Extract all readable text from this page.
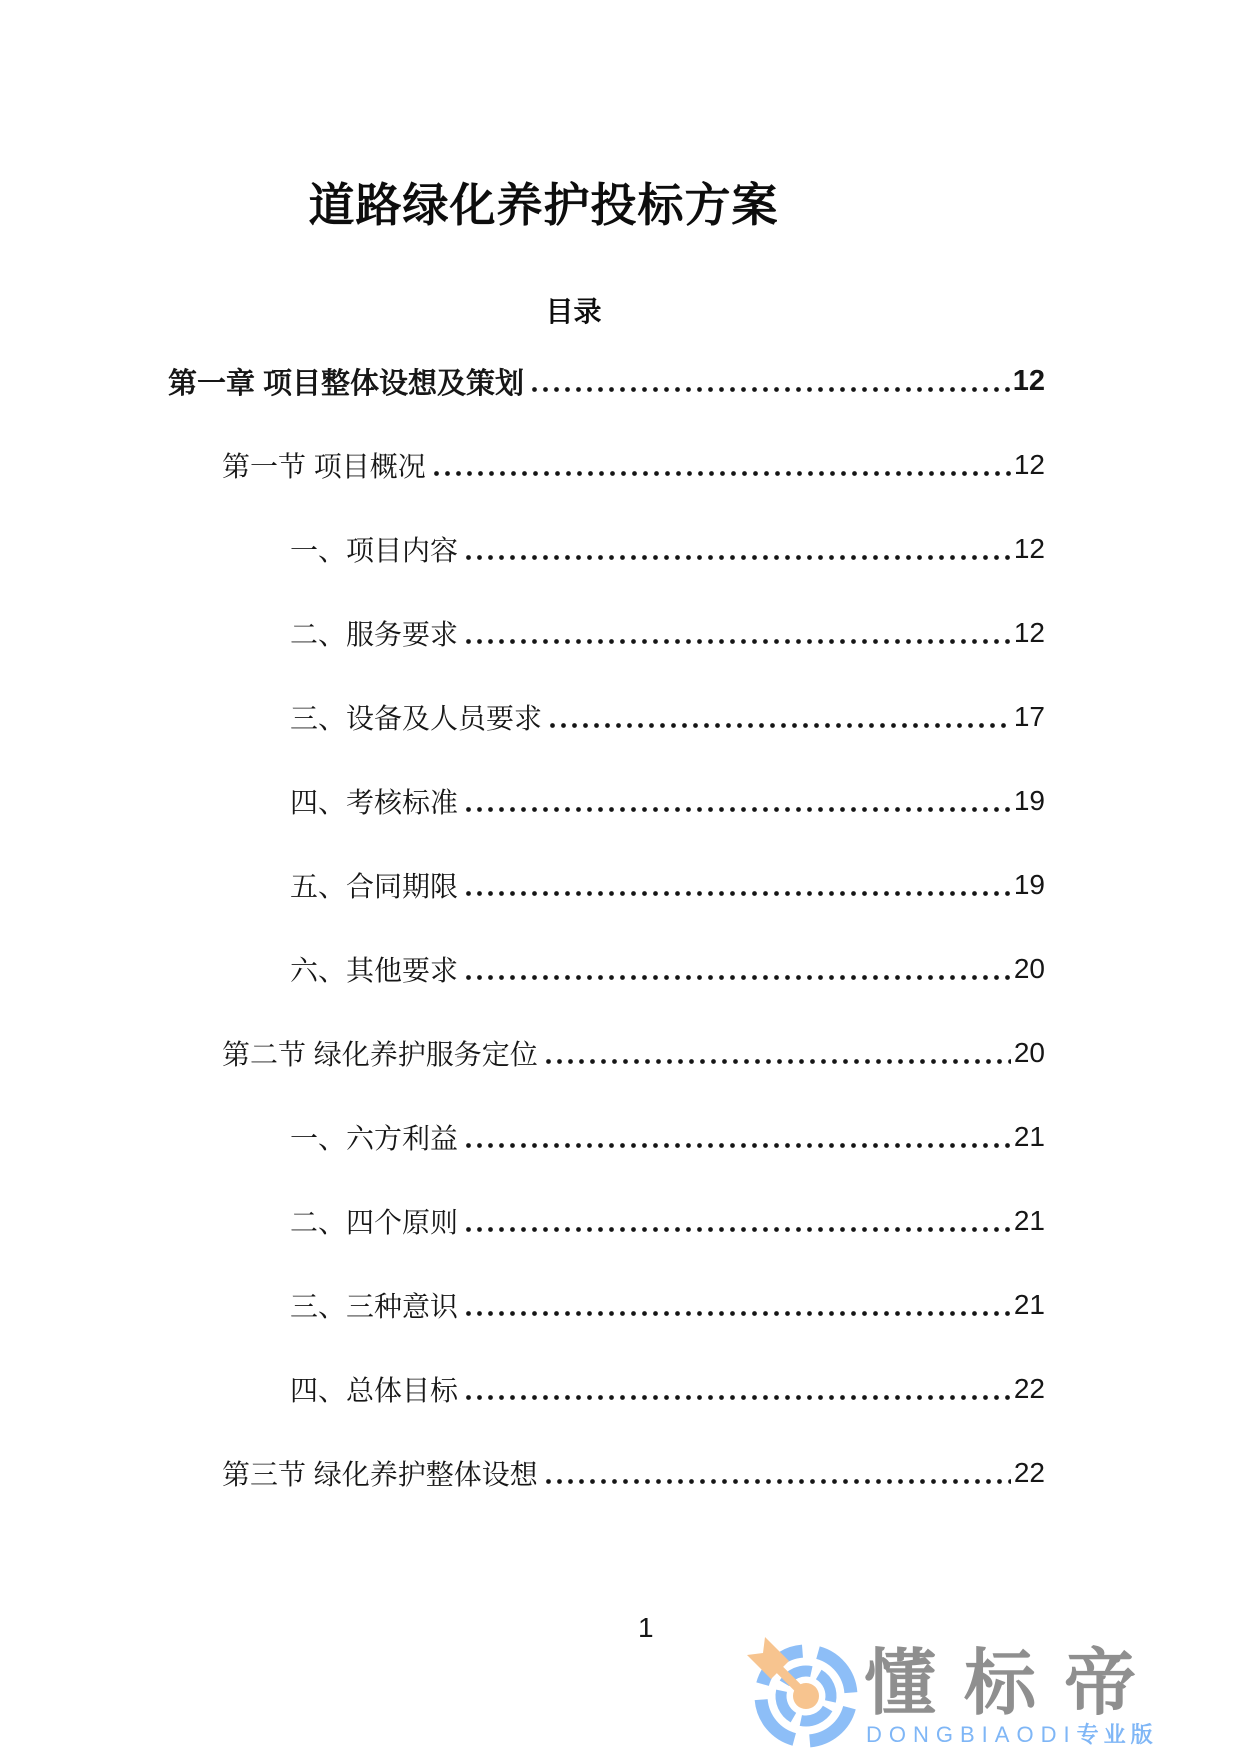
道路绿化养护投标方案
目录
第一章 项目整体设想及策划	12
第一节 项目概况	12
一、项目内容	12
二、服务要求	12
三、设备及人员要求	17
四、考核标准	19
五、合同期限	19
六、其他要求	20
第二节 绿化养护服务定位	20
一、六方利益	21
二、四个原则	21
三、三种意识	21
四、总体目标	22
第三节 绿化养护整体设想	22
1
懂标帝
DONGBIAODI专业版
